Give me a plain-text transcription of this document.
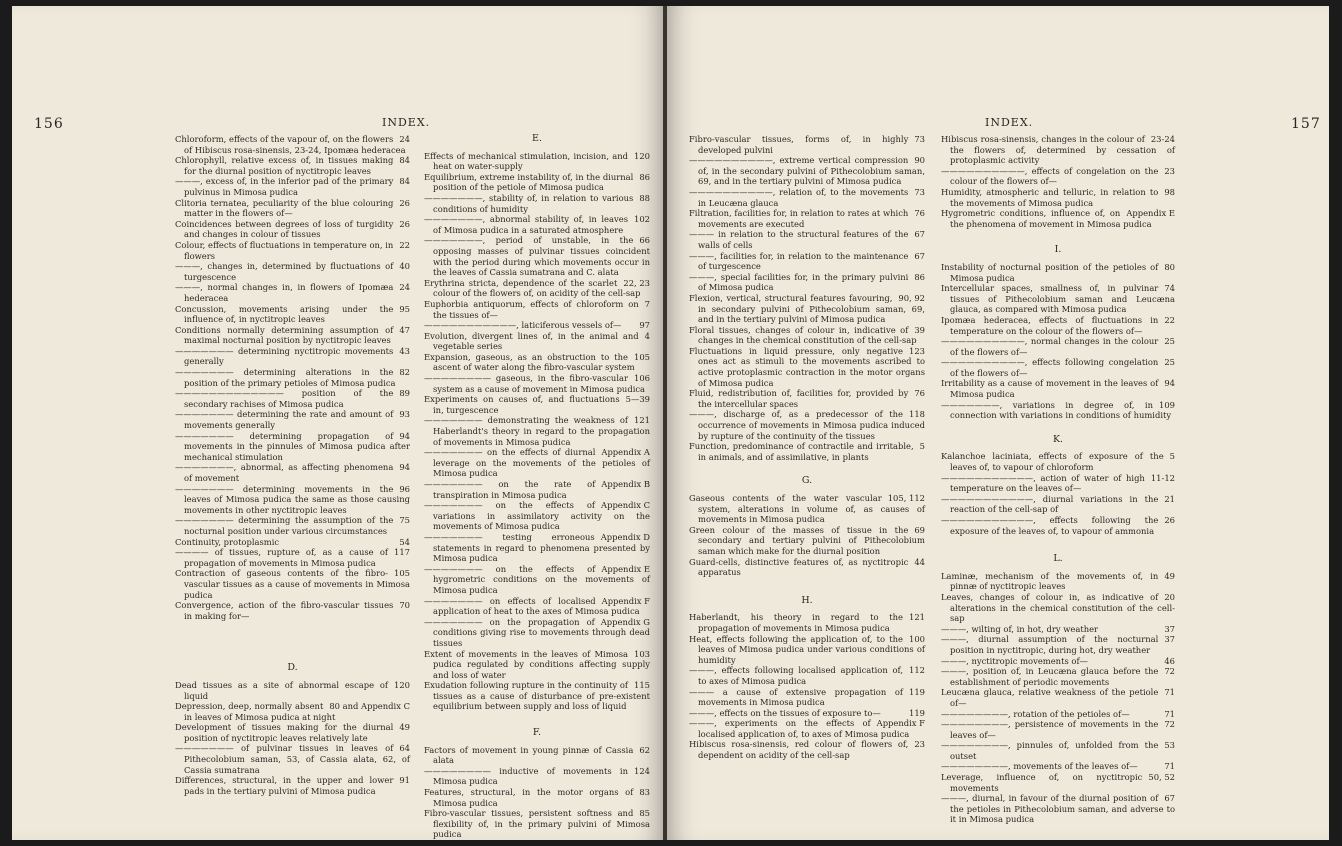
156	INDEX.

24
Chloroform, effects of the vapour of, on the flowers of Hibiscus rosa-sinensis, 23-24, Ipomæa hederacea

84
Chlorophyll, relative excess of, in tissues making for the diurnal position of nyctitropic leaves

84
———, excess of, in the inferior pad of the primary pulvinus in Mimosa pudica

26
Clitoria ternatea, peculiarity of the blue colouring matter in the flowers of—

26
Coincidences between degrees of loss of turgidity and changes in colour of tissues

22
Colour, effects of fluctuations in temperature on, in flowers

40
———, changes in, determined by fluctuations of turgescence

24
———, normal changes in, in flowers of Ipomæa hederacea

95
Concussion, movements arising under the influence of, in nyctitropic leaves

47
Conditions normally determining assumption of maximal nocturnal position by nyctitropic leaves

43
——————— determining nyctitropic movements generally

82
——————— determining alterations in the position of the primary petioles of Mimosa pudica

89
————————————— position of the secondary rachises of Mimosa pudica

93
——————— determining the rate and amount of movements generally

94
——————— determining propagation of movements in the pinnules of Mimosa pudica after mechanical stimulation

94
———————, abnormal, as affecting phenomena of movement

96
——————— determining movements in the leaves of Mimosa pudica the same as those causing movements in other nyctitropic leaves

75
——————— determining the assumption of the nocturnal position under various circumstances

54
Continuity, protoplasmic

117
———— of tissues, rupture of, as a cause of propagation of movements in Mimosa pudica

105
Contraction of gaseous contents of the fibro-vascular tissues as a cause of movements in Mimosa pudica

70
Convergence, action of the fibro-vascular tissues in making for—

D.

120
Dead tissues as a site of abnormal escape of liquid

80 and Appendix C
Depression, deep, normally absent in leaves of Mimosa pudica at night

49
Development of tissues making for the diurnal position of nyctitropic leaves relatively late

64
——————— of pulvinar tissues in leaves of Pithecolobium saman, 53, of Cassia alata, 62, of Cassia sumatrana

91
Differences, structural, in the upper and lower pads in the tertiary pulvini of Mimosa pudica

E.

120
Effects of mechanical stimulation, incision, and heat on water-supply

86
Equilibrium, extreme instability of, in the diurnal position of the petiole of Mimosa pudica

88
———————, stability of, in relation to various conditions of humidity

102
———————, abnormal stability of, in leaves of Mimosa pudica in a saturated atmosphere

66
———————, period of unstable, in the opposing masses of pulvinar tissues coincident with the period during which movements occur in the leaves of Cassia sumatrana and C. alata

22, 23
Erythrina stricta, dependence of the scarlet colour of the flowers of, on acidity of the cell-sap

7
Euphorbia antiquorum, effects of chloroform on the tissues of—

97
———————————, laticiferous vessels of—

4
Evolution, divergent lines of, in the animal and vegetable series

105
Expansion, gaseous, as an obstruction to the ascent of water along the fibro-vascular system

106
———————— gaseous, in the fibro-vascular system as a cause of movement in Mimosa pudica

5—39
Experiments on causes of, and fluctuations in, turgescence

121
——————— demonstrating the weakness of Haberlandt's theory in regard to the propagation of movements in Mimosa pudica

Appendix A
——————— on the effects of diurnal leverage on the movements of the petioles of Mimosa pudica

Appendix B
——————— on the rate of transpiration in Mimosa pudica

Appendix C
——————— on the effects of variations in assimilatory activity on the movements of Mimosa pudica

Appendix D
——————— testing erroneous statements in regard to phenomena presented by Mimosa pudica

Appendix E
——————— on the effects of hygrometric conditions on the movements of Mimosa pudica

Appendix F
——————— on effects of localised application of heat to the axes of Mimosa pudica

Appendix G
——————— on the propagation of conditions giving rise to movements through dead tissues

103
Extent of movements in the leaves of Mimosa pudica regulated by conditions affecting supply and loss of water

115
Exudation following rupture in the continuity of tissues as a cause of disturbance of pre-existent equilibrium between supply and loss of liquid

F.

62
Factors of movement in young pinnæ of Cassia alata

124
———————— inductive of movements in Mimosa pudica

83
Features, structural, in the motor organs of Mimosa pudica

85
Fibro-vascular tissues, persistent softness and flexibility of, in the primary pulvini of Mimosa pudica

INDEX.	157

73
Fibro-vascular tissues, forms of, in highly developed pulvini

90
——————————, extreme vertical compression of, in the secondary pulvini of Pithecolobium saman, 69, and in the tertiary pulvini of Mimosa pudica

73
——————————, relation of, to the movements in Leucæna glauca

76
Filtration, facilities for, in relation to rates at which movements are executed

67
——— in relation to the structural features of the walls of cells

67
———, facilities for, in relation to the maintenance of turgescence

86
———, special facilities for, in the primary pulvini of Mimosa pudica

90, 92
Flexion, vertical, structural features favouring, in secondary pulvini of Pithecolobium saman, 69, and in the tertiary pulvini of Mimosa pudica

39
Floral tissues, changes of colour in, indicative of changes in the chemical constitution of the cell-sap

123
Fluctuations in liquid pressure, only negative ones act as stimuli to the movements ascribed to active protoplasmic contraction in the motor organs of Mimosa pudica

76
Fluid, redistribution of, facilities for, provided by the intercellular spaces

118
———, discharge of, as a predecessor of the occurrence of movements in Mimosa pudica induced by rupture of the continuity of the tissues

5
Function, predominance of contractile and irritable, in animals, and of assimilative, in plants

G.

105, 112
Gaseous contents of the water vascular system, alterations in volume of, as causes of movements in Mimosa pudica

69
Green colour of the masses of tissue in the secondary and tertiary pulvini of Pithecolobium saman which make for the diurnal position

44
Guard-cells, distinctive features of, as nyctitropic apparatus

H.

121
Haberlandt, his theory in regard to the propagation of movements in Mimosa pudica

100
Heat, effects following the application of, to the leaves of Mimosa pudica under various conditions of humidity

112
———, effects following localised application of, to axes of Mimosa pudica

119
——— a cause of extensive propagation of movements in Mimosa pudica

119
———, effects on the tissues of exposure to—

Appendix F
———, experiments on the effects of localised application of, to axes of Mimosa pudica

23
Hibiscus rosa-sinensis, red colour of flowers of, dependent on acidity of the cell-sap

23-24
Hibiscus rosa-sinensis, changes in the colour of the flowers of, determined by cessation of protoplasmic activity

23
——————————, effects of congelation on the colour of the flowers of—

98
Humidity, atmospheric and telluric, in relation to the movements of Mimosa pudica

Appendix E
Hygrometric conditions, influence of, on the phenomena of movement in Mimosa pudica

I.

80
Instability of nocturnal position of the petioles of Mimosa pudica

74
Intercellular spaces, smallness of, in pulvinar tissues of Pithecolobium saman and Leucæna glauca, as compared with Mimosa pudica

22
Ipomæa hederacea, effects of fluctuations in temperature on the colour of the flowers of—

25
——————————, normal changes in the colour of the flowers of—

25
——————————, effects following congelation of the flowers of—

94
Irritability as a cause of movement in the leaves of Mimosa pudica

109
———————, variations in degree of, in connection with variations in conditions of humidity

K.

5
Kalanchoe laciniata, effects of exposure of the leaves of, to vapour of chloroform

11-12
———————————, action of water of high temperature on the leaves of—

21
———————————, diurnal variations in the reaction of the cell-sap of

26
———————————, effects following the exposure of the leaves of, to vapour of ammonia

L.

49
Laminæ, mechanism of the movements of, in pinnæ of nyctitropic leaves

20
Leaves, changes of colour in, as indicative of alterations in the chemical constitution of the cell-sap

37
———, wilting of, in hot, dry weather

37
———, diurnal assumption of the nocturnal position in nyctitropic, during hot, dry weather

46
———, nyctitropic movements of—

72
———, position of, in Leucæna glauca before the establishment of periodic movements

71
Leucæna glauca, relative weakness of the petiole of—

71
————————, rotation of the petioles of—

72
————————, persistence of movements in the leaves of—

53
————————, pinnules of, unfolded from the outset

71
————————, movements of the leaves of—

50, 52
Leverage, influence of, on nyctitropic movements

67
———, diurnal, in favour of the diurnal position of the petioles in Pithecolobium saman, and adverse to it in Mimosa pudica
